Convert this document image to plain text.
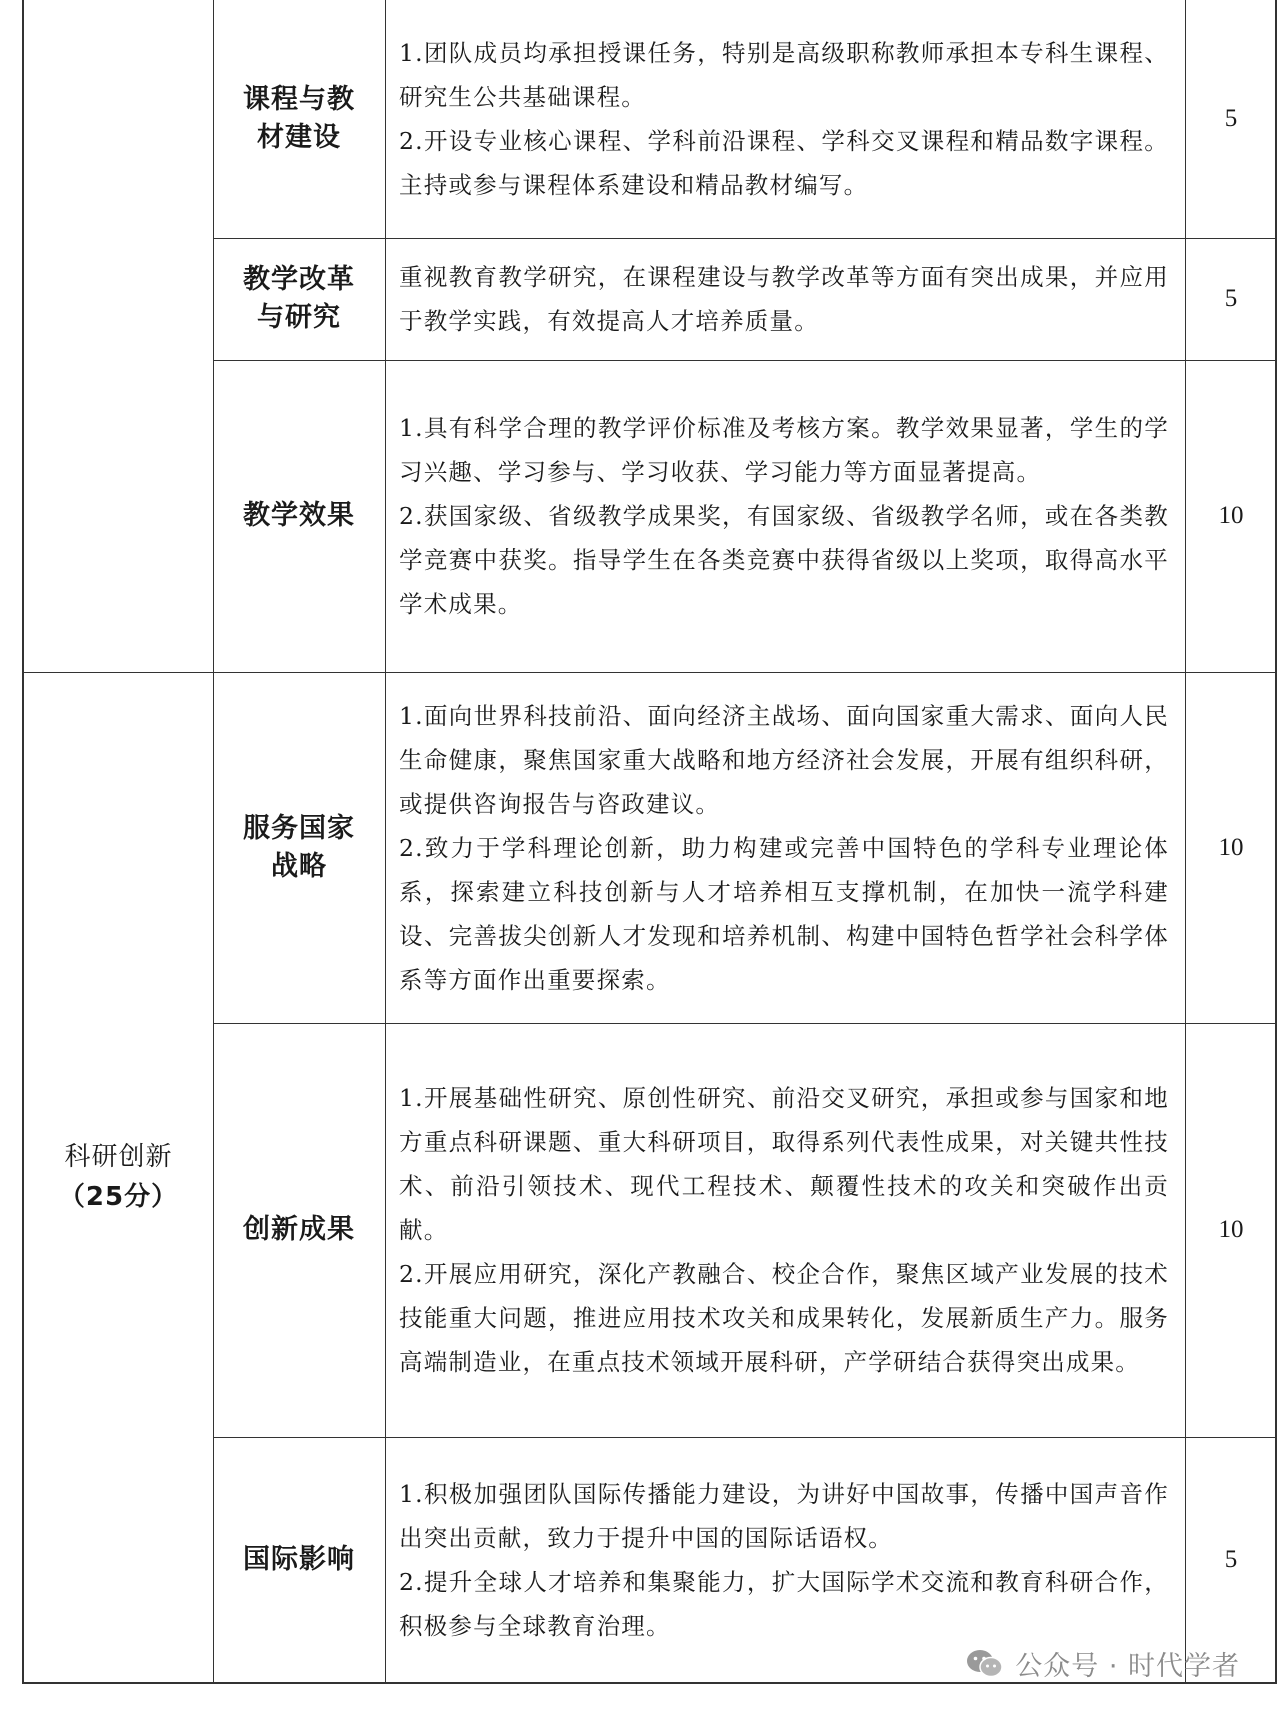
科研创新
（25分）
课程与教
材建设

1.团队成员均承担授课任务，特别是高级职称教师承担本专科生课程、研究生公共基础课程。

2.开设专业核心课程、学科前沿课程、学科交叉课程和精品数字课程。主持或参与课程体系建设和精品教材编写。

5
教学改革
与研究

重视教育教学研究，在课程建设与教学改革等方面有突出成果，并应用于教学实践，有效提高人才培养质量。

5
教学效果

1.具有科学合理的教学评价标准及考核方案。教学效果显著，学生的学习兴趣、学习参与、学习收获、学习能力等方面显著提高。

2.获国家级、省级教学成果奖，有国家级、省级教学名师，或在各类教学竞赛中获奖。指导学生在各类竞赛中获得省级以上奖项，取得高水平学术成果。

10
服务国家
战略

1.面向世界科技前沿、面向经济主战场、面向国家重大需求、面向人民生命健康，聚焦国家重大战略和地方经济社会发展，开展有组织科研，或提供咨询报告与咨政建议。

2.致力于学科理论创新，助力构建或完善中国特色的学科专业理论体系，探索建立科技创新与人才培养相互支撑机制，在加快一流学科建设、完善拔尖创新人才发现和培养机制、构建中国特色哲学社会科学体系等方面作出重要探索。

10
创新成果

1.开展基础性研究、原创性研究、前沿交叉研究，承担或参与国家和地方重点科研课题、重大科研项目，取得系列代表性成果，对关键共性技术、前沿引领技术、现代工程技术、颠覆性技术的攻关和突破作出贡献。

2.开展应用研究，深化产教融合、校企合作，聚焦区域产业发展的技术技能重大问题，推进应用技术攻关和成果转化，发展新质生产力。服务高端制造业，在重点技术领域开展科研，产学研结合获得突出成果。

10
国际影响

1.积极加强团队国际传播能力建设，为讲好中国故事，传播中国声音作出突出贡献，致力于提升中国的国际话语权。

2.提升全球人才培养和集聚能力，扩大国际学术交流和教育科研合作，积极参与全球教育治理。

5
公众号 · 时代学者
